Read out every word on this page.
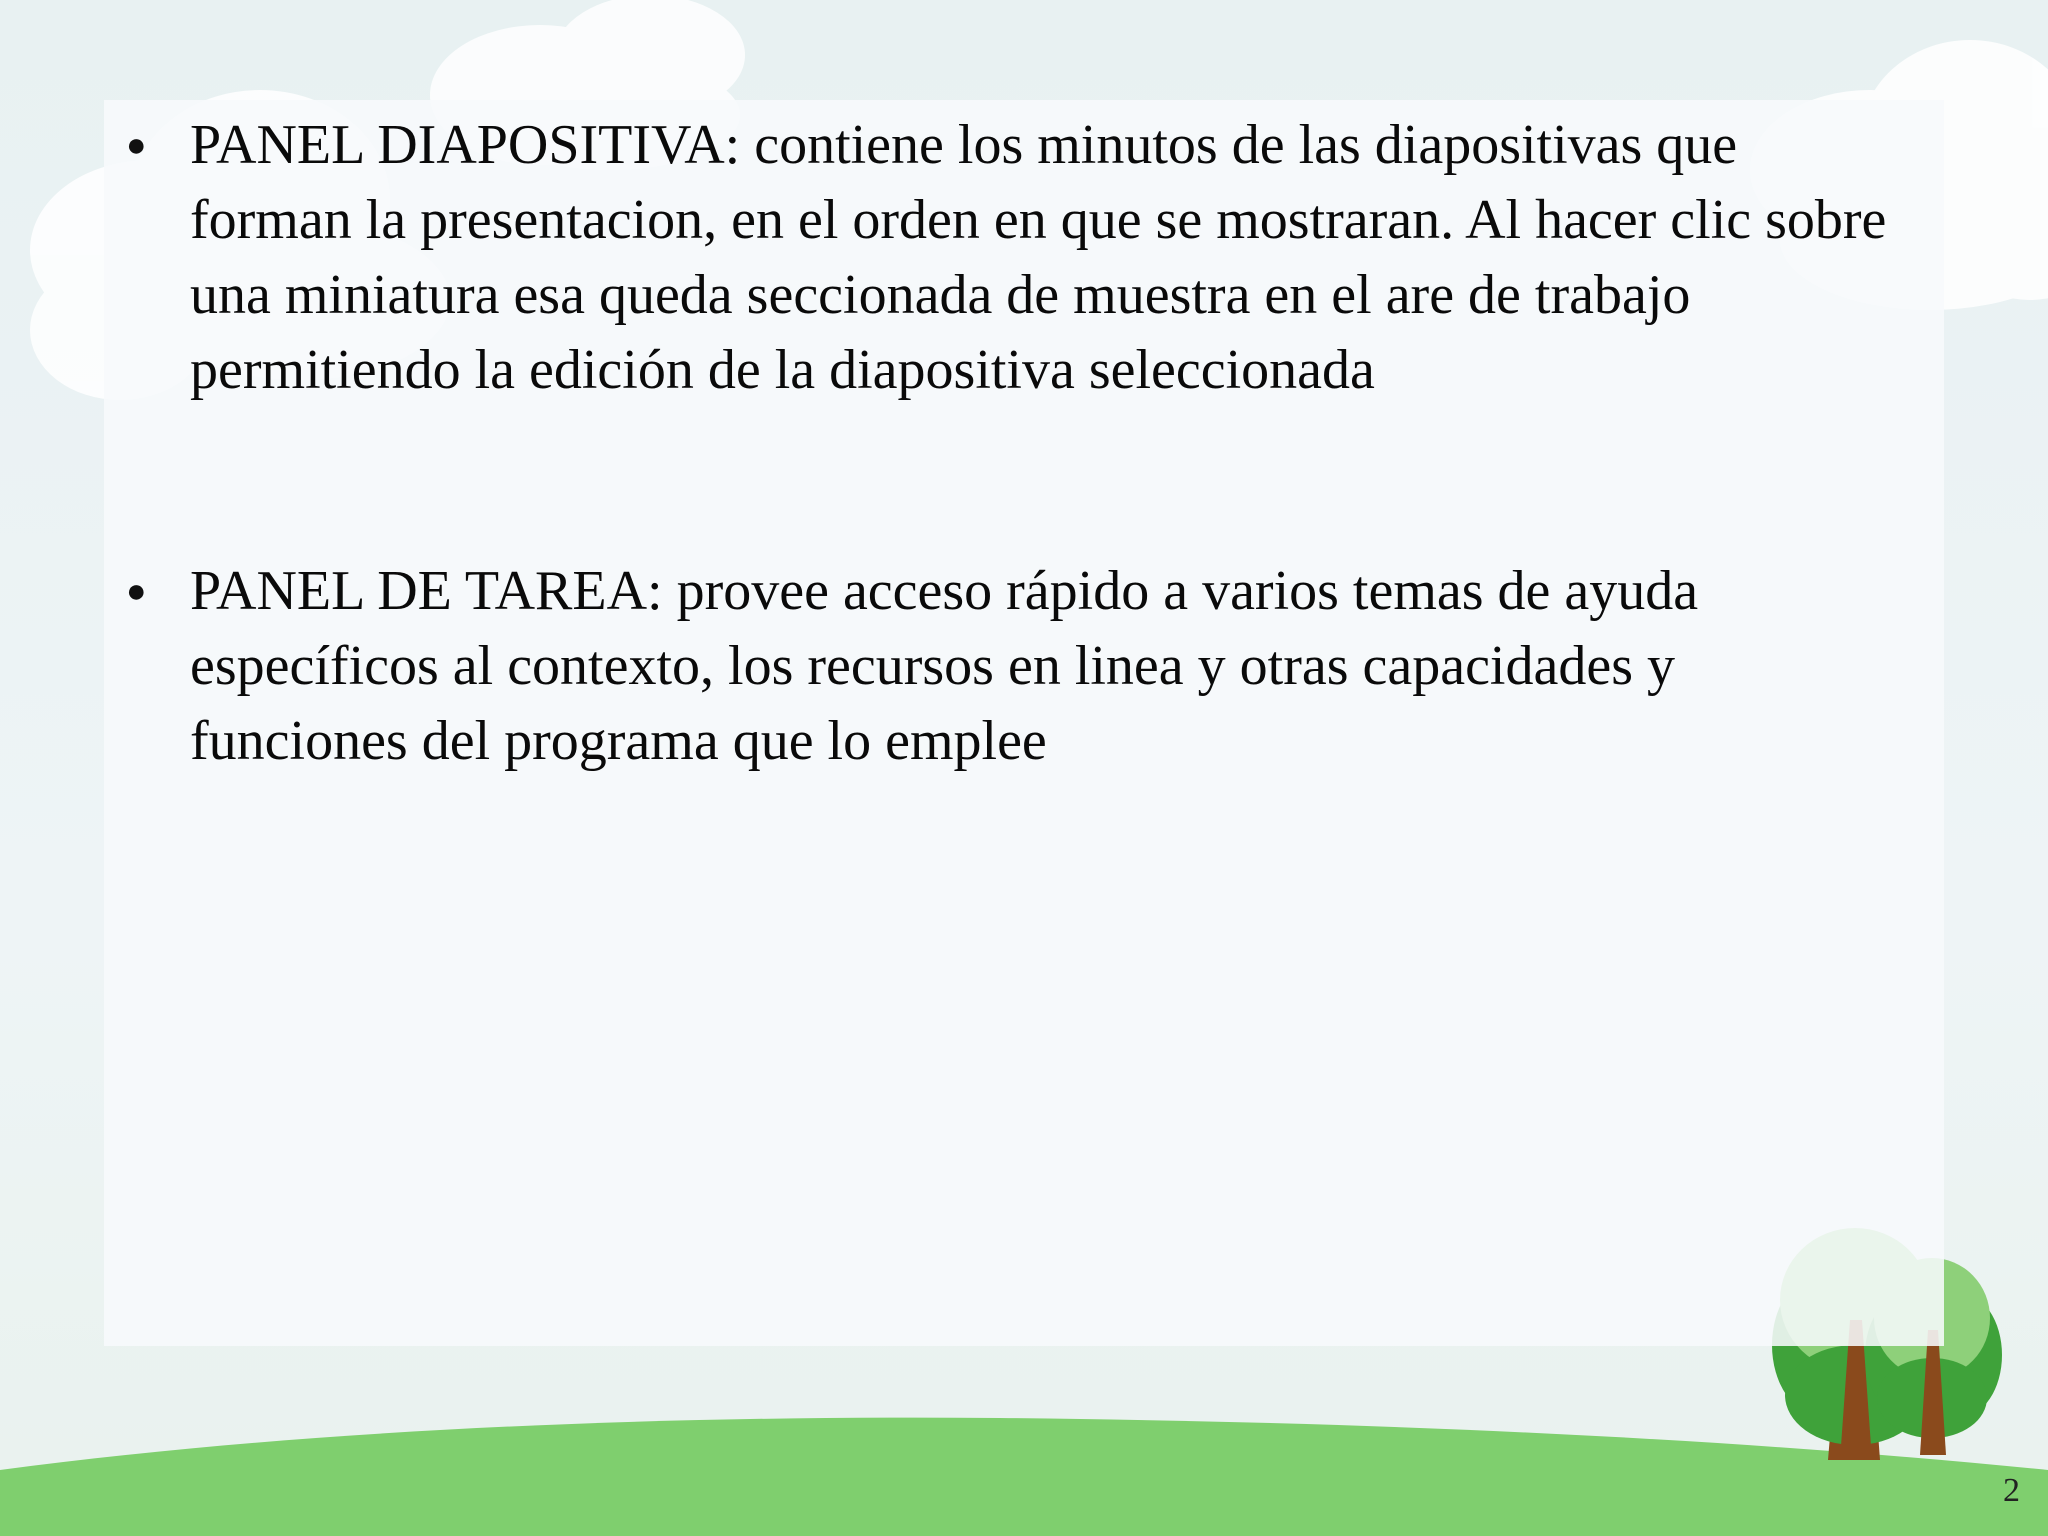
● PANEL DIAPOSITIVA: contiene los minutos de las diapositivas que forman la presentacion, en el orden en que se mostraran. Al hacer clic sobre una miniatura esa queda seccionada de muestra en el are de trabajo permitiendo la edición de la diapositiva seleccionada
● PANEL DE TAREA: provee acceso rápido a varios temas de ayuda específicos al contexto, los recursos en linea y otras capacidades y funciones del programa que lo emplee
2
